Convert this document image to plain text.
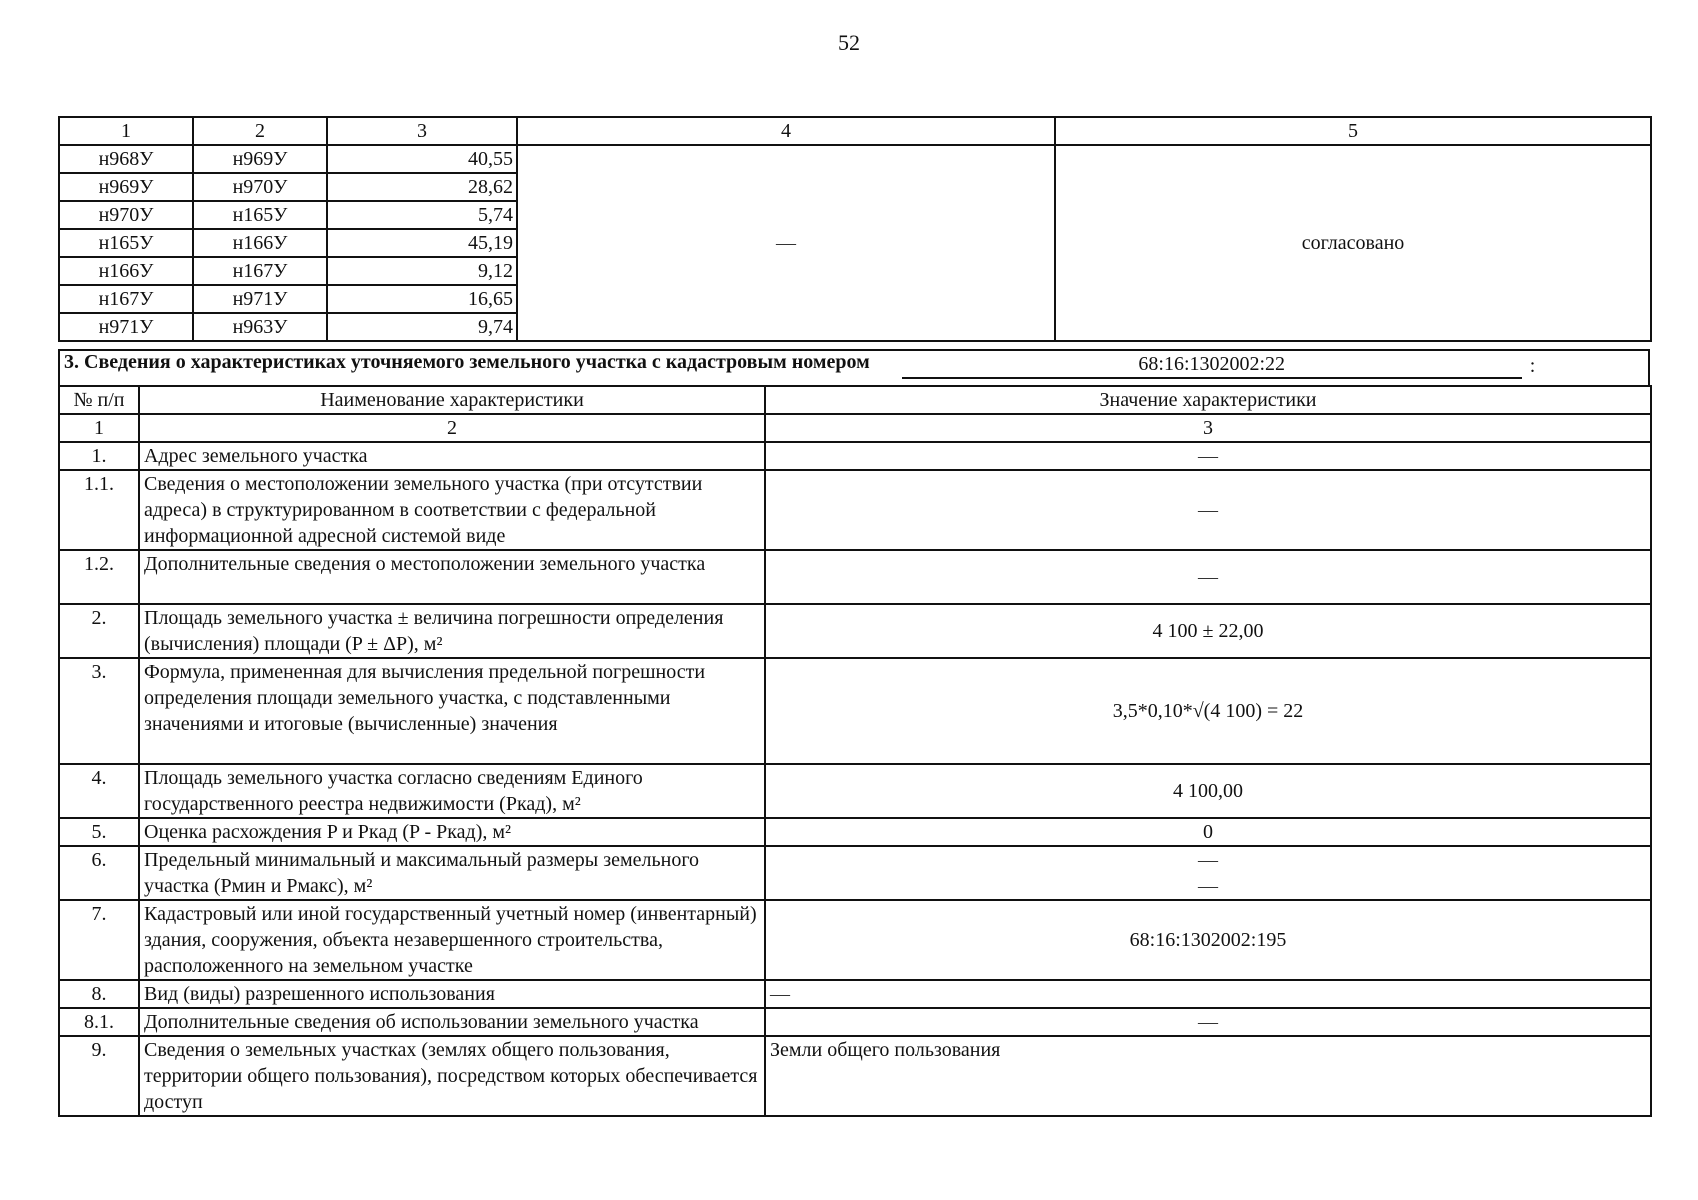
52
1	2	3	4	5
н968У	н969У	40,55	—	согласовано
н969У	н970У	28,62		
н970У	н165У	5,74		
н165У	н166У	45,19		
н166У	н167У	9,12		
н167У	н971У	16,65		
н971У	н963У	9,74		
3. Сведения о характеристиках уточняемого земельного участка с кадастровым номером	68:16:1302002:22	:
№ п/п	Наименование характеристики	Значение характеристики
1	2	3
1.	Адрес земельного участка	—
1.1.	Сведения о местоположении земельного участка (при отсутствии адреса) в структурированном в соответствии с федеральной информационной адресной системой виде	—
1.2.	Дополнительные сведения о местоположении земельного участка	—
2.	Площадь земельного участка ± величина погрешности определения (вычисления) площади (P ± ΔP), м²	4 100 ± 22,00
3.	Формула, примененная для вычисления предельной погрешности определения площади земельного участка, с подставленными значениями и итоговые (вычисленные) значения	3,5*0,10*√(4 100) = 22
4.	Площадь земельного участка согласно сведениям Единого государственного реестра недвижимости (Ркад), м²	4 100,00
5.	Оценка расхождения P и Pкад (P - Pкад), м²	0
6.	Предельный минимальный и максимальный размеры земельного участка (Pмин и Pмакс), м²	—
—

7.	Кадастровый или иной государственный учетный номер (инвентарный) здания, сооружения, объекта незавершенного строительства, расположенного на земельном участке	68:16:1302002:195
8.	Вид (виды) разрешенного использования	—
8.1.	Дополнительные сведения об использовании земельного участка	—
9.	Сведения о земельных участках (землях общего пользования, территории общего пользования), посредством которых обеспечивается доступ	Земли общего пользования
